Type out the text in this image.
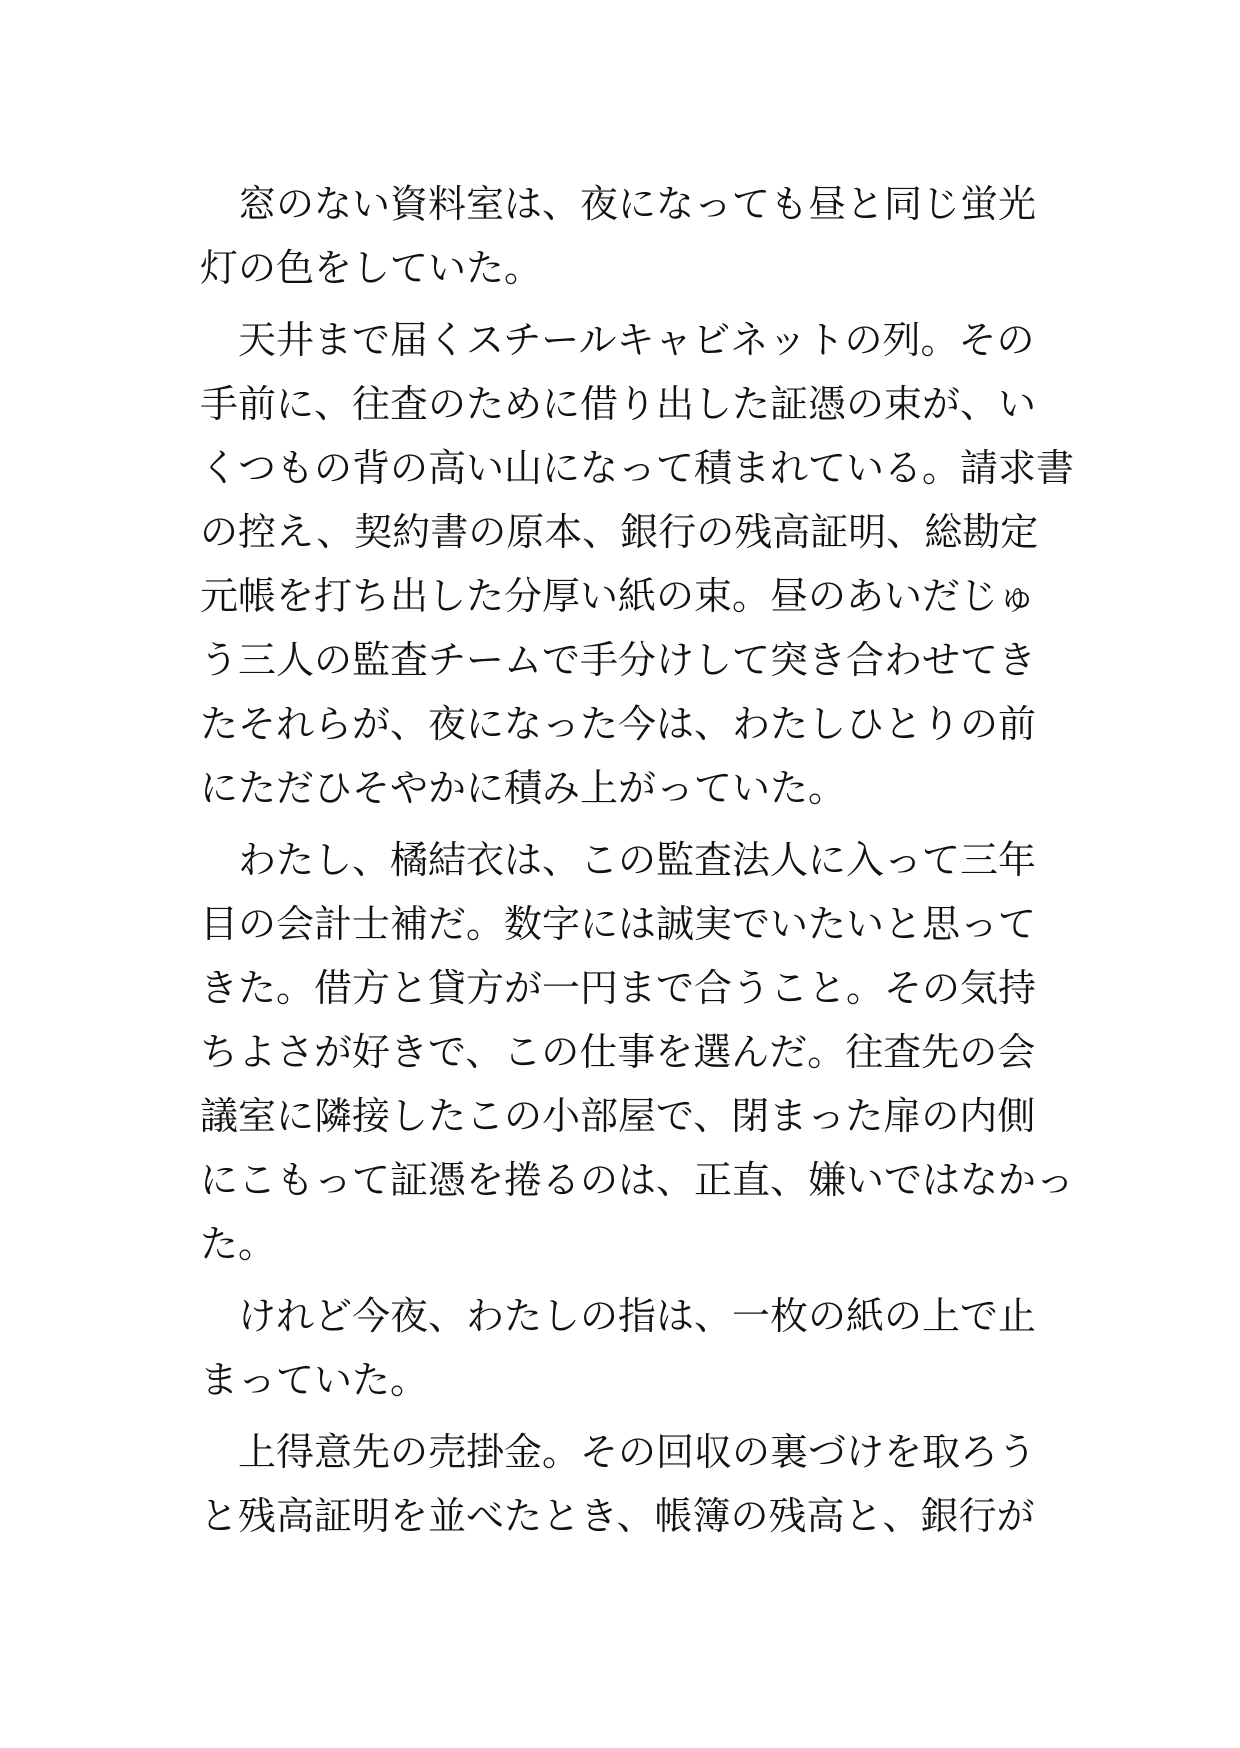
窓のない資料室は、夜になっても昼と同じ蛍光
灯の色をしていた。
天井まで届くスチールキャビネットの列。その
手前に、往査のために借り出した証憑の束が、い
くつもの背の高い山になって積まれている。請求書
の控え、契約書の原本、銀行の残高証明、総勘定
元帳を打ち出した分厚い紙の束。昼のあいだじゅ
う三人の監査チームで手分けして突き合わせてき
たそれらが、夜になった今は、わたしひとりの前
にただひそやかに積み上がっていた。
わたし、橘結衣は、この監査法人に入って三年
目の会計士補だ。数字には誠実でいたいと思って
きた。借方と貸方が一円まで合うこと。その気持
ちよさが好きで、この仕事を選んだ。往査先の会
議室に隣接したこの小部屋で、閉まった扉の内側
にこもって証憑を捲るのは、正直、嫌いではなかっ
た。
けれど今夜、わたしの指は、一枚の紙の上で止
まっていた。
上得意先の売掛金。その回収の裏づけを取ろう
と残高証明を並べたとき、帳簿の残高と、銀行が
